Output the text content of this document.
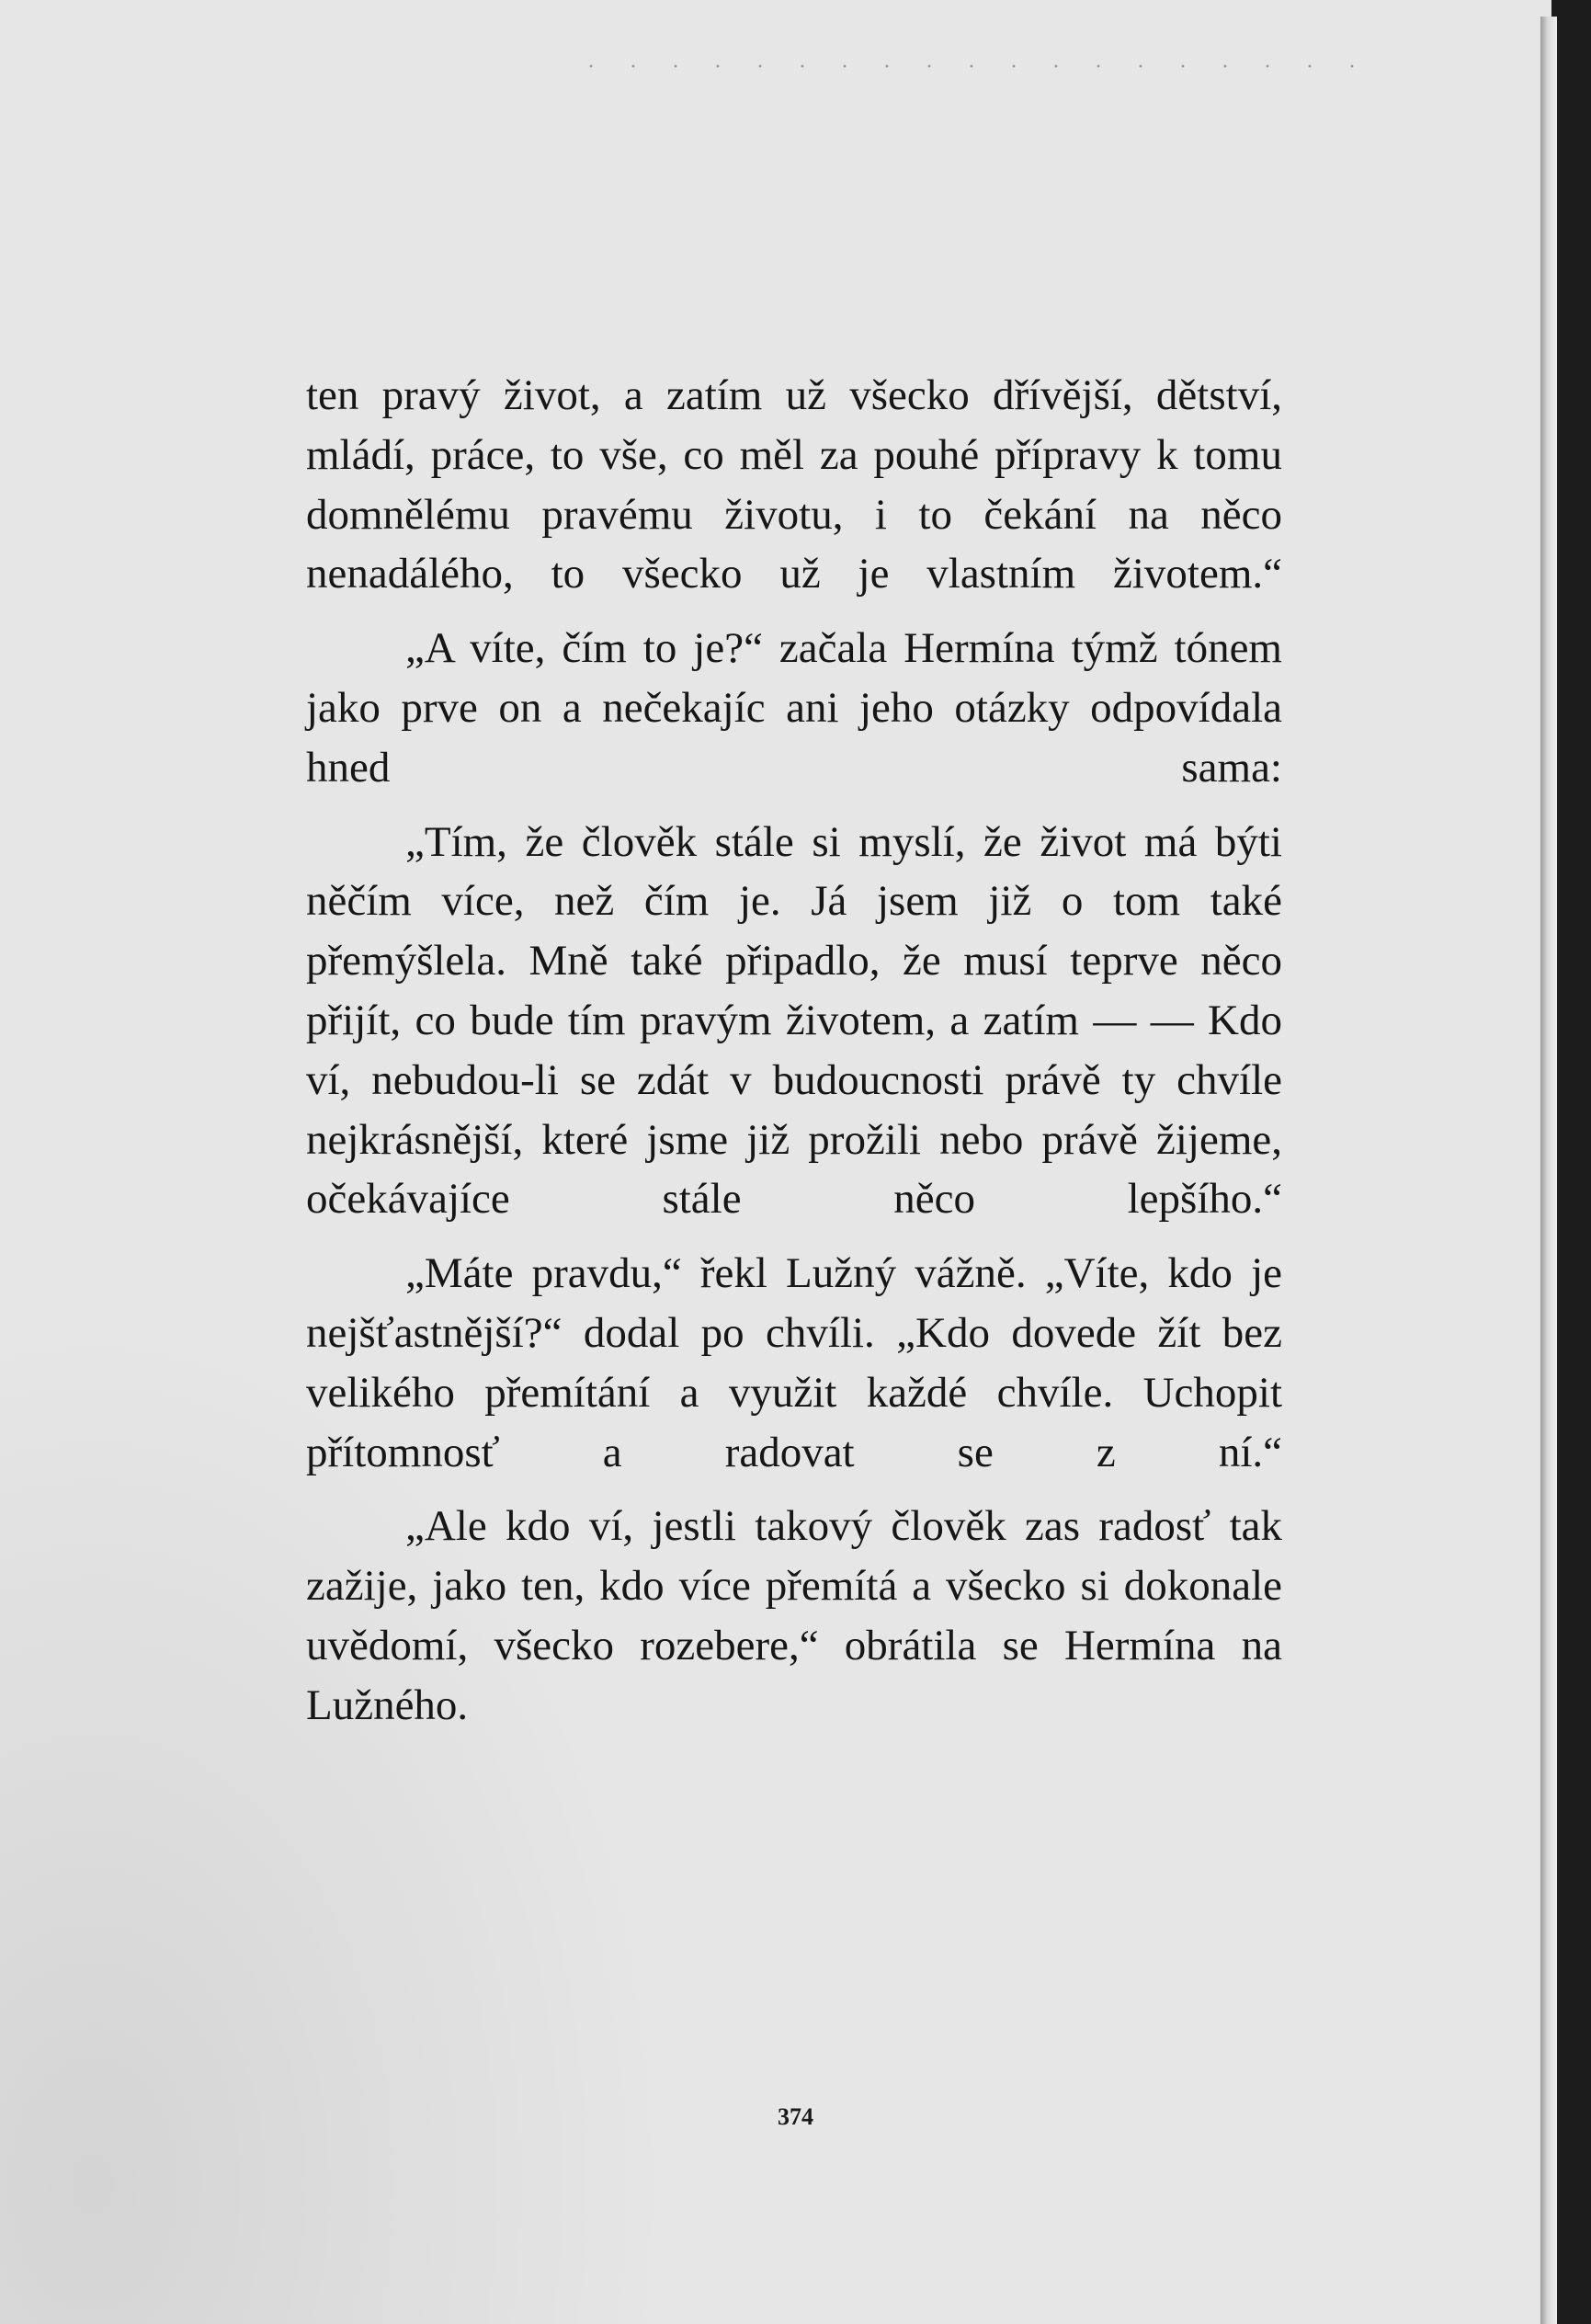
ten pravý život, a zatím už všecko dřívější, dětství, mládí, práce, to vše, co měl za pouhé přípravy k tomu domnělému pravému životu, i to čekání na něco nenadálého, to všecko už je vlastním životem.“

„A víte, čím to je?“ začala Hermína týmž tónem jako prve on a nečekajíc ani jeho otázky odpovídala hned sama:

„Tím, že člověk stále si myslí, že život má býti něčím více, než čím je. Já jsem již o tom také přemýšlela. Mně také připadlo, že musí teprve něco přijít, co bude tím pravým životem, a zatím — — Kdo ví, nebudou-li se zdát v budoucnosti právě ty chvíle nejkrásnější, které jsme již prožili nebo právě žijeme, očekávajíce stále něco lepšího.“

„Máte pravdu,“ řekl Lužný vážně. „Víte, kdo je nejšťastnější?“ dodal po chvíli. „Kdo dovede žít bez velikého přemítání a využit každé chvíle. Uchopit přítomnosť a radovat se z ní.“

„Ale kdo ví, jestli takový člověk zas radosť tak zažije, jako ten, kdo více přemítá a všecko si dokonale uvědomí, všecko rozebere,“ obrátila se Hermína na Lužného.

374
